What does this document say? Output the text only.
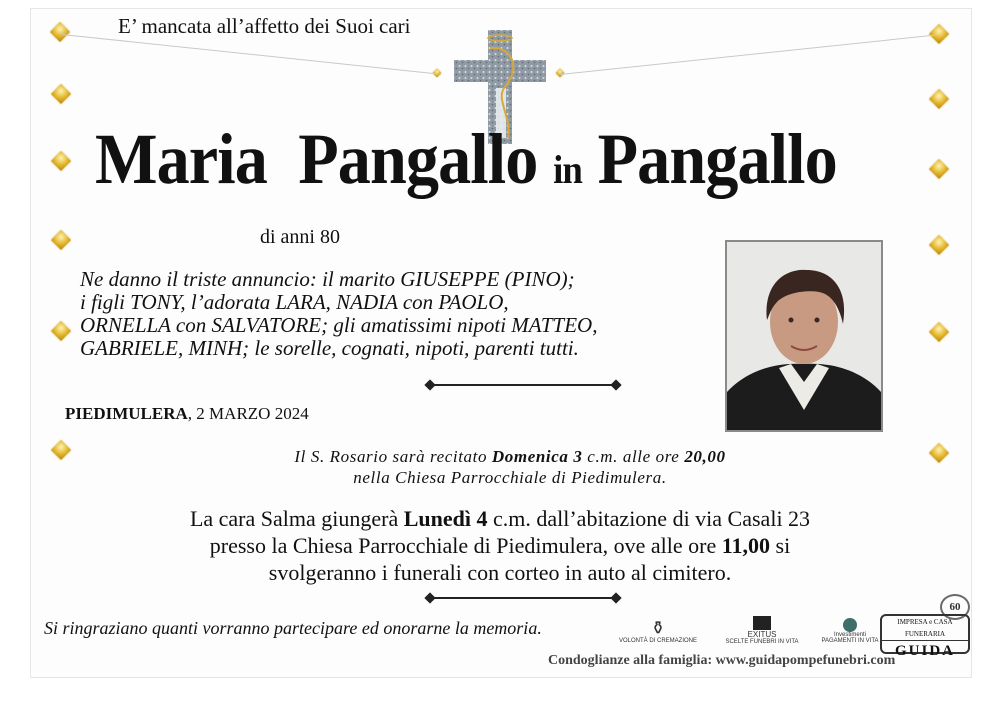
E’ mancata all’affetto dei Suoi cari
Maria Pangallo in Pangallo
di anni 80
Ne danno il triste annuncio: il marito GIUSEPPE (PINO);
i figli TONY, l’adorata LARA, NADIA con PAOLO,
ORNELLA con SALVATORE; gli amatissimi nipoti MATTEO,
GABRIELE, MINH; le sorelle, cognati, nipoti, parenti tutti.
PIEDIMULERA, 2 MARZO 2024
Il S. Rosario sarà recitato Domenica 3 c.m. alle ore 20,00
nella Chiesa Parrocchiale di Piedimulera.
La cara Salma giungerà Lunedì 4 c.m. dall’abitazione di via Casali 23
presso la Chiesa Parrocchiale di Piedimulera, ove alle ore 11,00 si
svolgeranno i funerali con corteo in auto al cimitero.
Si ringraziano quanti vorranno partecipare ed onorarne la memoria.	⚱
VOLONTÀ DI CREMAZIONE
EXITUS
SCELTE FUNEBRI IN VITA
Investimenti
PAGAMENTI IN VITA
60
IMPRESA e CASA FUNERARIA
GUIDA
Condoglianze alla famiglia: www.guidapompefunebri.com
